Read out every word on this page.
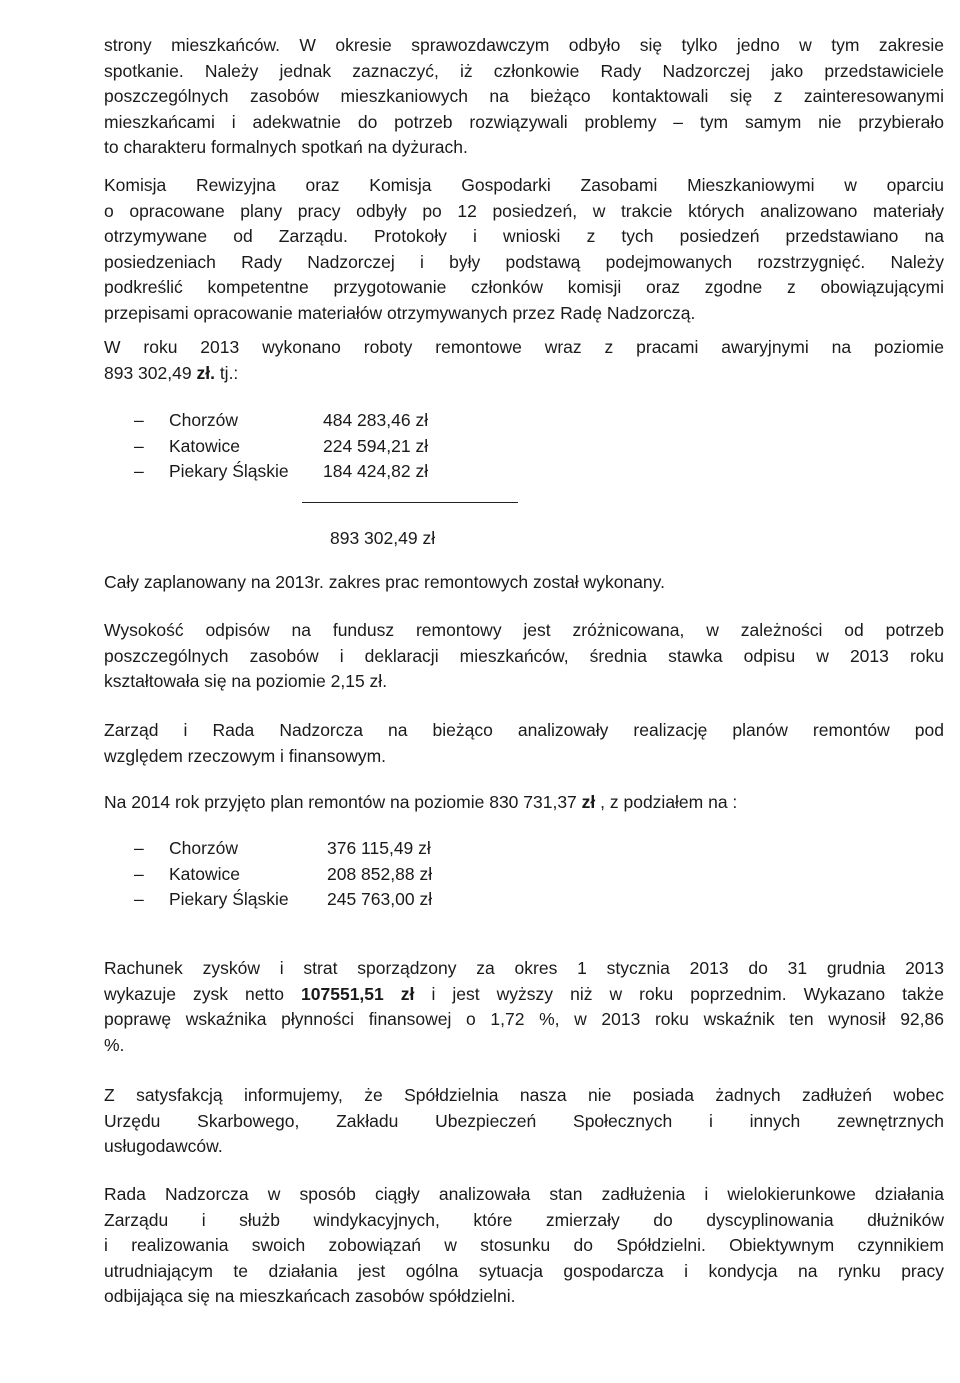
strony mieszkańców. W okresie sprawozdawczym odbyło się tylko jedno w tym zakresie
spotkanie. Należy jednak zaznaczyć, iż członkowie Rady Nadzorczej jako przedstawiciele
poszczególnych zasobów mieszkaniowych na bieżąco kontaktowali się z zainteresowanymi
mieszkańcami i adekwatnie do potrzeb rozwiązywali problemy – tym samym nie przybierało
to charakteru formalnych spotkań na dyżurach.
Komisja Rewizyjna oraz Komisja Gospodarki Zasobami Mieszkaniowymi w oparciu
o opracowane plany pracy odbyły po 12 posiedzeń, w trakcie których analizowano materiały
otrzymywane od Zarządu. Protokoły i wnioski z tych posiedzeń przedstawiano na
posiedzeniach Rady Nadzorczej i były podstawą podejmowanych rozstrzygnięć. Należy
podkreślić kompetentne przygotowanie członków komisji oraz zgodne z obowiązującymi
przepisami opracowanie materiałów otrzymywanych przez Radę Nadzorczą.
W roku 2013 wykonano roboty remontowe wraz z pracami awaryjnymi na poziomie
893 302,49 zł. tj.:
–	Chorzów	484 283,46 zł
–	Katowice	224 594,21 zł
–	Piekary Śląskie	184 424,82 zł
893 302,49 zł
Cały zaplanowany na 2013r. zakres prac remontowych został wykonany.
Wysokość odpisów na fundusz remontowy jest zróżnicowana, w zależności od potrzeb
poszczególnych zasobów i deklaracji mieszkańców, średnia stawka odpisu w 2013 roku
kształtowała się na poziomie 2,15 zł.
Zarząd i Rada Nadzorcza na bieżąco analizowały realizację planów remontów pod
względem rzeczowym i finansowym.
Na 2014 rok przyjęto plan remontów na poziomie 830 731,37 zł , z podziałem na :
–	Chorzów	376 115,49 zł
–	Katowice	208 852,88 zł
–	Piekary Śląskie	245 763,00 zł
Rachunek zysków i strat sporządzony za okres 1 stycznia 2013 do 31 grudnia 2013
wykazuje zysk netto 107551,51 zł i jest wyższy niż w roku poprzednim. Wykazano także
poprawę wskaźnika płynności finansowej o 1,72 %, w 2013 roku wskaźnik ten wynosił 92,86
%.
Z satysfakcją informujemy, że Spółdzielnia nasza nie posiada żadnych zadłużeń wobec
Urzędu Skarbowego, Zakładu Ubezpieczeń Społecznych i innych zewnętrznych
usługodawców.
Rada Nadzorcza w sposób ciągły analizowała stan zadłużenia i wielokierunkowe działania
Zarządu i służb windykacyjnych, które zmierzały do dyscyplinowania dłużników
i realizowania swoich zobowiązań w stosunku do Spółdzielni. Obiektywnym czynnikiem
utrudniającym te działania jest ogólna sytuacja gospodarcza i kondycja na rynku pracy
odbijająca się na mieszkańcach zasobów spółdzielni.
